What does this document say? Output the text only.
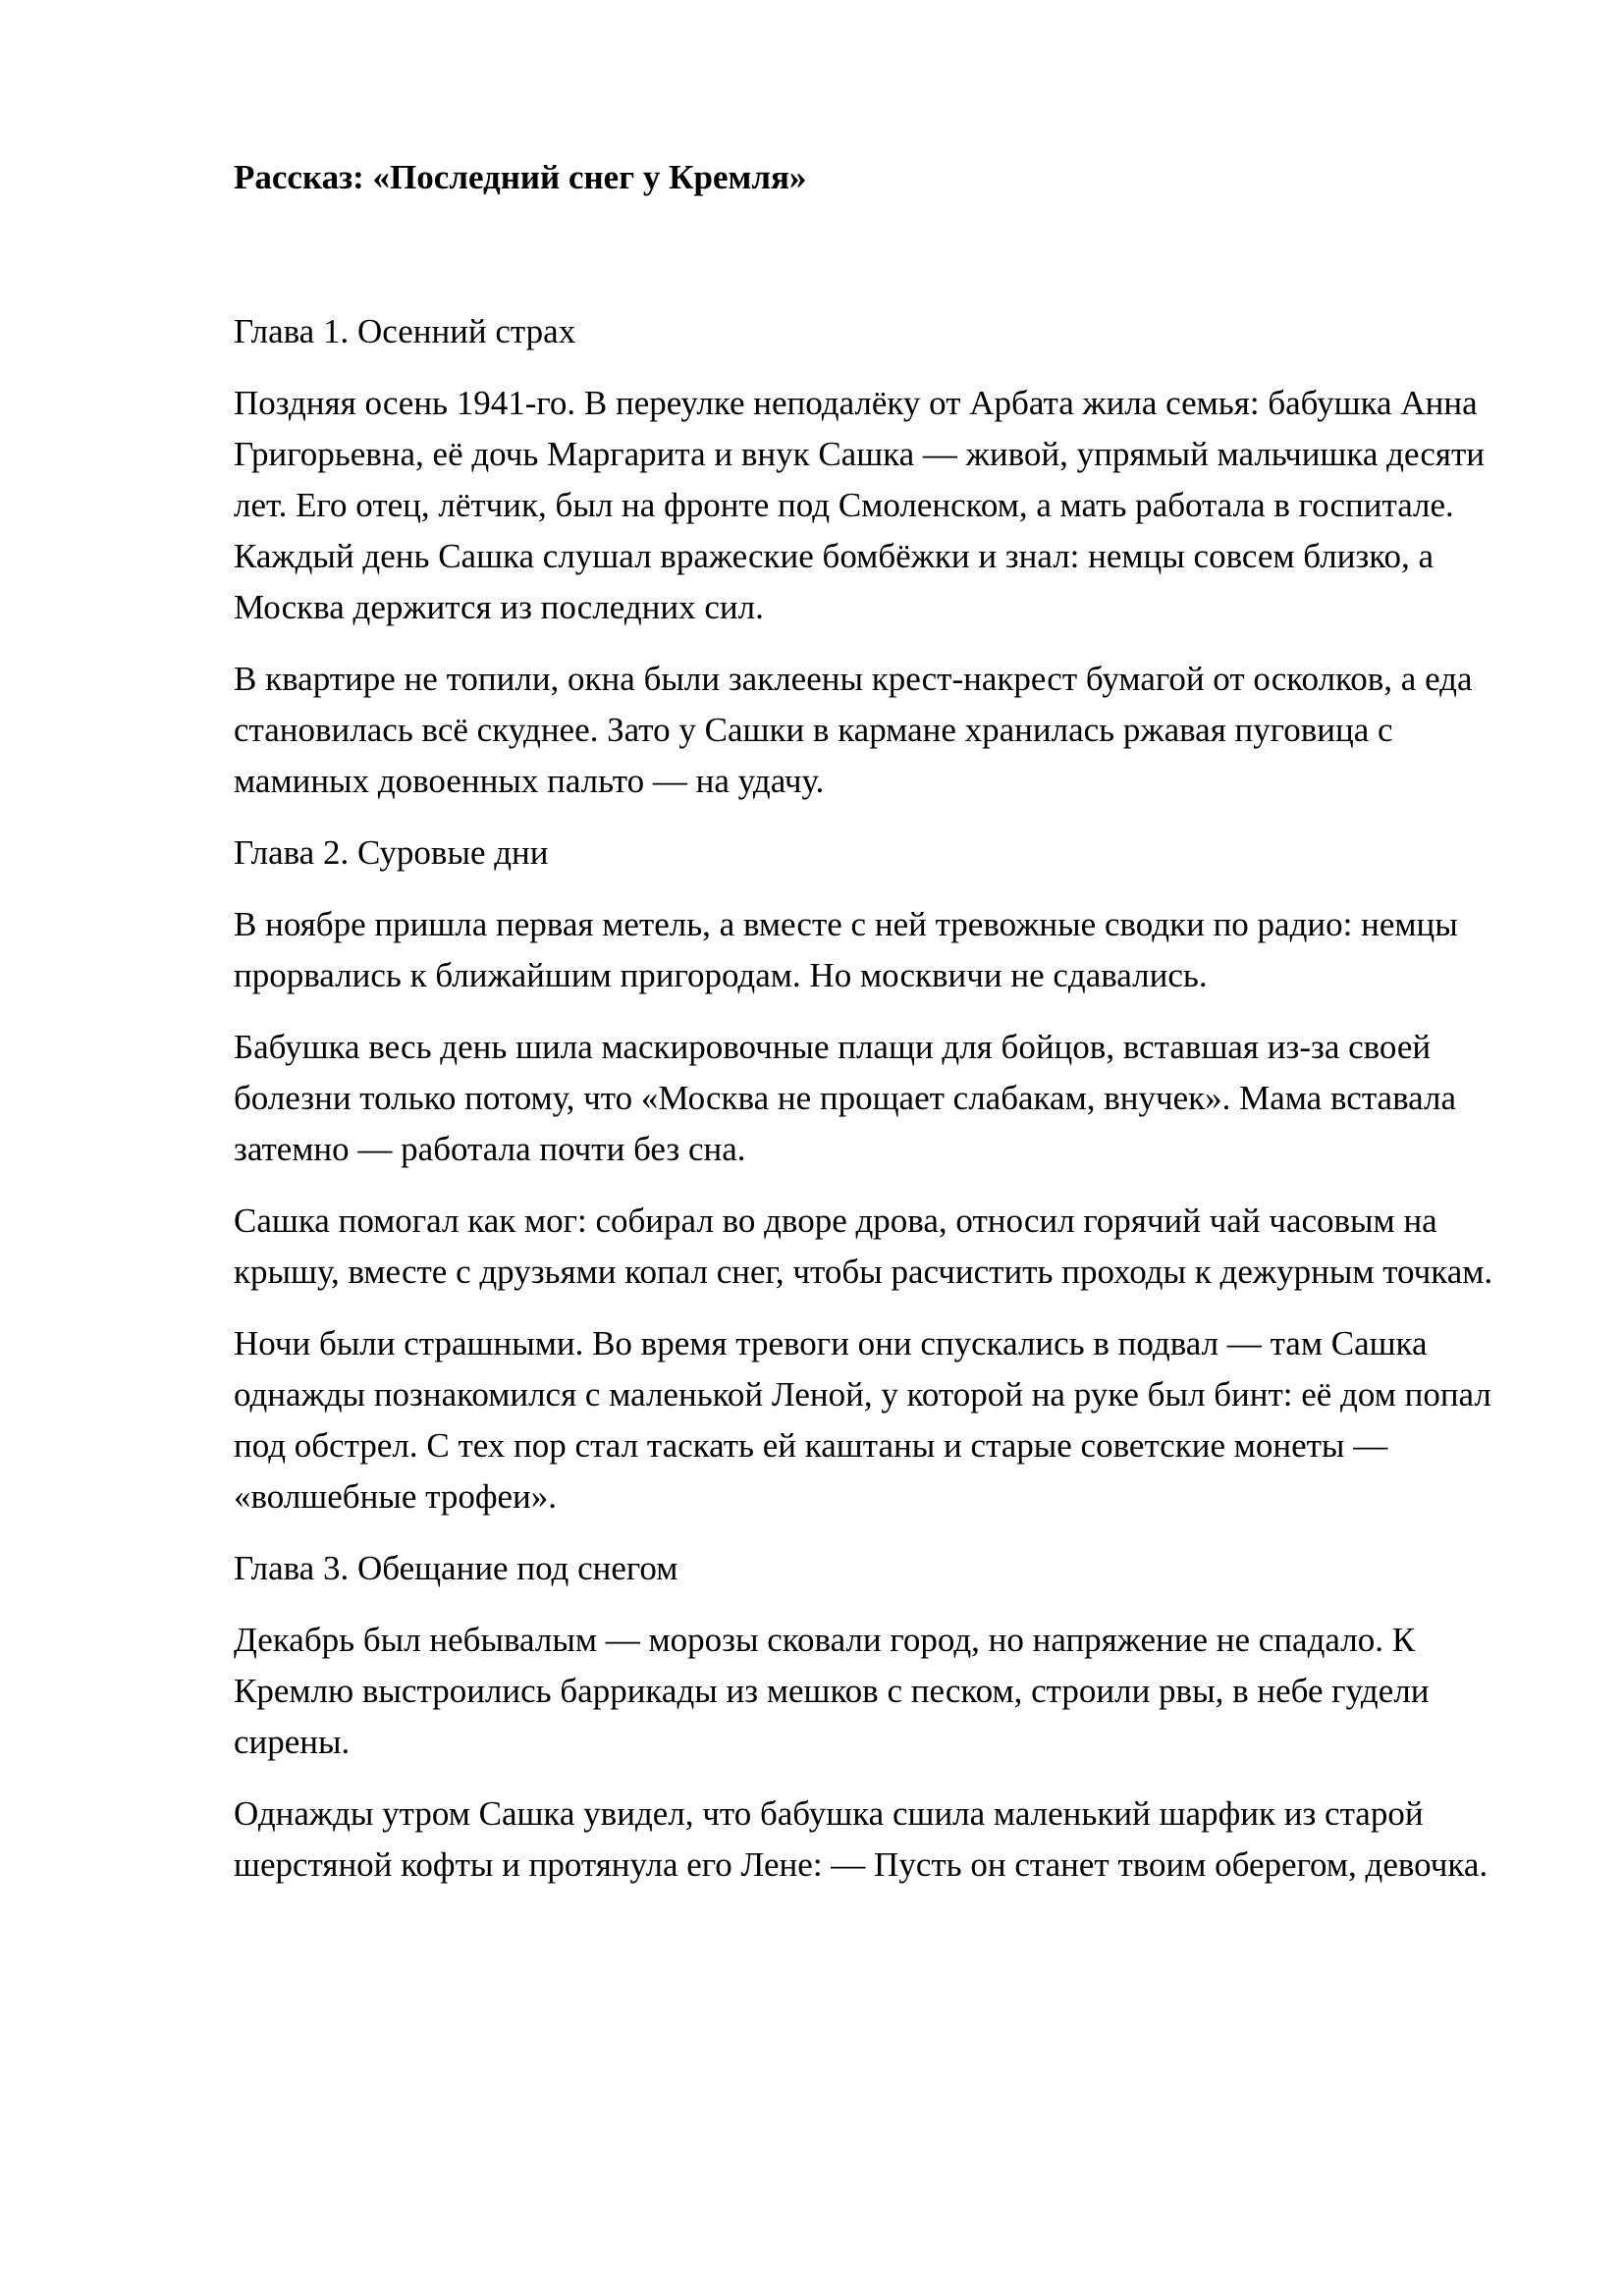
Рассказ: «Последний снег у Кремля»
Глава 1. Осенний страх

Поздняя осень 1941-го. В переулке неподалёку от Арбата жила семья: бабушка Анна Григорьевна, её дочь Маргарита и внук Сашка — живой, упрямый мальчишка десяти лет. Его отец, лётчик, был на фронте под Смоленском, а мать работала в госпитале. Каждый день Сашка слушал вражеские бомбёжки и знал: немцы совсем близко, а Москва держится из последних сил.

В квартире не топили, окна были заклеены крест-накрест бумагой от осколков, а еда становилась всё скуднее. Зато у Сашки в кармане хранилась ржавая пуговица с маминых довоенных пальто — на удачу.

Глава 2. Суровые дни

В ноябре пришла первая метель, а вместе с ней тревожные сводки по радио: немцы прорвались к ближайшим пригородам. Но москвичи не сдавались.

Бабушка весь день шила маскировочные плащи для бойцов, вставшая из-за своей болезни только потому, что «Москва не прощает слабакам, внучек». Мама вставала затемно — работала почти без сна.

Сашка помогал как мог: собирал во дворе дрова, относил горячий чай часовым на крышу, вместе с друзьями копал снег, чтобы расчистить проходы к дежурным точкам.

Ночи были страшными. Во время тревоги они спускались в подвал — там Сашка однажды познакомился с маленькой Леной, у которой на руке был бинт: её дом попал под обстрел. С тех пор стал таскать ей каштаны и старые советские монеты — «волшебные трофеи».

Глава 3. Обещание под снегом

Декабрь был небывалым — морозы сковали город, но напряжение не спадало. К Кремлю выстроились баррикады из мешков с песком, строили рвы, в небе гудели сирены.

Однажды утром Сашка увидел, что бабушка сшила маленький шарфик из старой шерстяной кофты и протянула его Лене: — Пусть он станет твоим оберегом, девочка.
